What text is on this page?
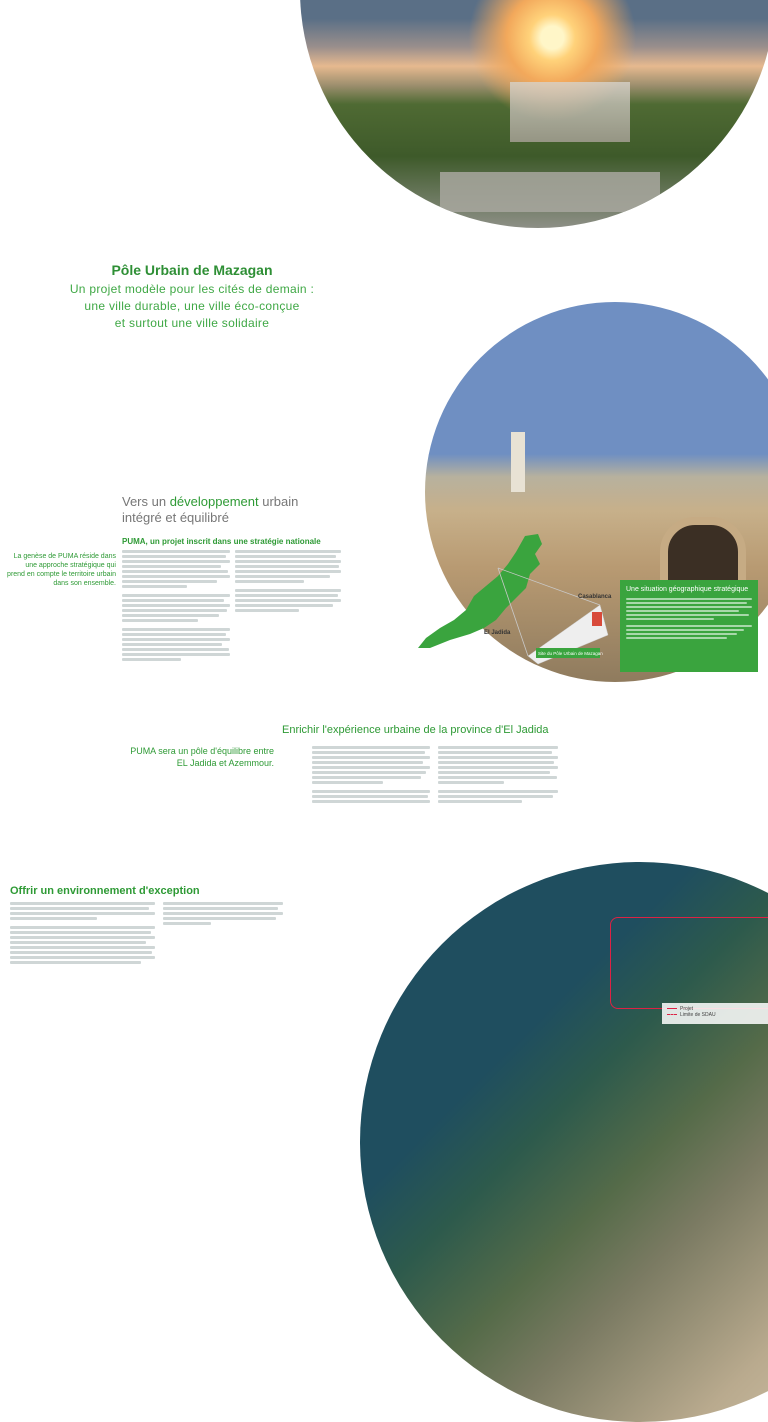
Pôle Urbain de Mazagan
Un projet modèle pour les cités de demain :
une ville durable, une ville éco-conçue
et surtout une ville solidaire
Vers un développement urbain
intégré et équilibré
La genèse de PUMA réside dans une approche stratégique qui prend en compte le territoire urbain dans son ensemble.
PUMA, un projet inscrit dans une stratégie nationale
Casablanca
El Jadida
Site du Pôle Urbain de Mazagan
Une situation géographique stratégique
Enrichir l'expérience urbaine de la province d'El Jadida
PUMA sera un pôle d'équilibre entre EL Jadida et Azemmour.
Offrir un environnement d'exception
Projet
Limite de SDAU
